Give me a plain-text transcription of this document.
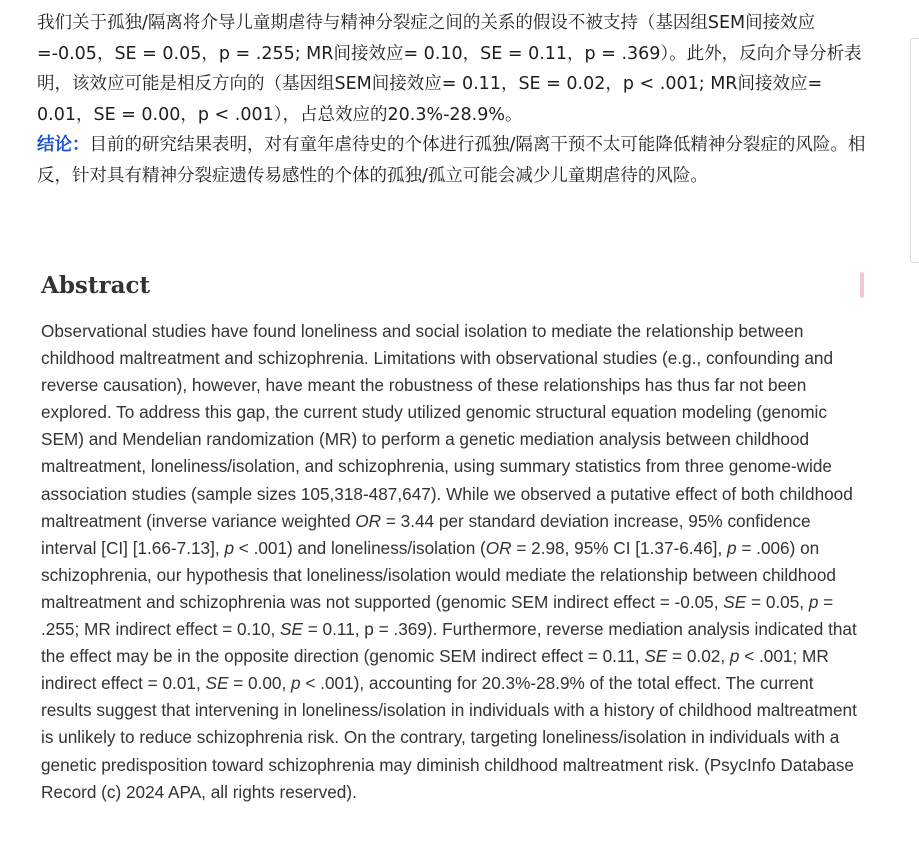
我们关于孤独/隔离将介导儿童期虐待与精神分裂症之间的关系的假设不被支持（基因组SEM间接效应=-0.05，SE = 0.05，p = .255; MR间接效应= 0.10，SE = 0.11，p = .369）。此外，反向介导分析表明，该效应可能是相反方向的（基因组SEM间接效应= 0.11，SE = 0.02，p < .001; MR间接效应= 0.01，SE = 0.00，p < .001），占总效应的20.3%-28.9%。

结论：目前的研究结果表明，对有童年虐待史的个体进行孤独/隔离干预不太可能降低精神分裂症的风险。相反，针对具有精神分裂症遗传易感性的个体的孤独/孤立可能会减少儿童期虐待的风险。

Abstract

Observational studies have found loneliness and social isolation to mediate the relationship between childhood maltreatment and schizophrenia. Limitations with observational studies (e.g., confounding and reverse causation), however, have meant the robustness of these relationships has thus far not been explored. To address this gap, the current study utilized genomic structural equation modeling (genomic SEM) and Mendelian randomization (MR) to perform a genetic mediation analysis between childhood maltreatment, loneliness/isolation, and schizophrenia, using summary statistics from three genome-wide association studies (sample sizes 105,318-487,647). While we observed a putative effect of both childhood maltreatment (inverse variance weighted OR = 3.44 per standard deviation increase, 95% confidence interval [CI] [1.66-7.13], p < .001) and loneliness/isolation (OR = 2.98, 95% CI [1.37-6.46], p = .006) on schizophrenia, our hypothesis that loneliness/isolation would mediate the relationship between childhood maltreatment and schizophrenia was not supported (genomic SEM indirect effect = -0.05, SE = 0.05, p = .255; MR indirect effect = 0.10, SE = 0.11, p = .369). Furthermore, reverse mediation analysis indicated that the effect may be in the opposite direction (genomic SEM indirect effect = 0.11, SE = 0.02, p < .001; MR indirect effect = 0.01, SE = 0.00, p < .001), accounting for 20.3%-28.9% of the total effect. The current results suggest that intervening in loneliness/isolation in individuals with a history of childhood maltreatment is unlikely to reduce schizophrenia risk. On the contrary, targeting loneliness/isolation in individuals with a genetic predisposition toward schizophrenia may diminish childhood maltreatment risk. (PsycInfo Database Record (c) 2024 APA, all rights reserved).
